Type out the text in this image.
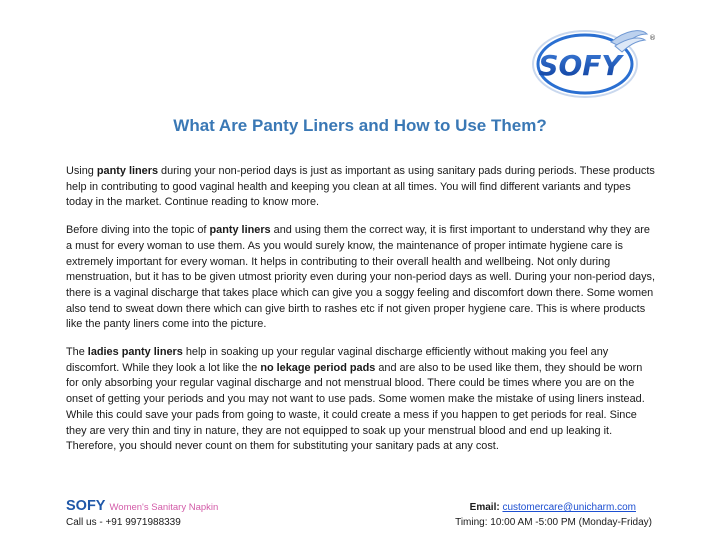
SOFY
®
What Are Panty Liners and How to Use Them?

Using panty liners during your non-period days is just as important as using sanitary pads during periods. These products help in contributing to good vaginal health and keeping you clean at all times. You will find different variants and types today in the market. Continue reading to know more.

Before diving into the topic of panty liners and using them the correct way, it is first important to understand why they are a must for every woman to use them. As you would surely know, the maintenance of proper intimate hygiene care is extremely important for every woman. It helps in contributing to their overall health and wellbeing. Not only during menstruation, but it has to be given utmost priority even during your non-period days as well. During your non-period days, there is a vaginal discharge that takes place which can give you a soggy feeling and discomfort down there. Some women also tend to sweat down there which can give birth to rashes etc if not given proper hygiene care. This is where products like the panty liners come into the picture.

The ladies panty liners help in soaking up your regular vaginal discharge efficiently without making you feel any discomfort. While they look a lot like the no lekage period pads and are also to be used like them, they should be worn for only absorbing your regular vaginal discharge and not menstrual blood. There could be times where you are on the onset of getting your periods and you may not want to use pads. Some women make the mistake of using liners instead. While this could save your pads from going to waste, it could create a mess if you happen to get periods for real. Since they are very thin and tiny in nature, they are not equipped to soak up your menstrual blood and end up leaking it. Therefore, you should never count on them for substituting your sanitary pads at any cost.

SOFY Women's Sanitary Napkin
Call us - +91 9971988339
Email: customercare@unicharm.com
Timing: 10:00 AM -5:00 PM (Monday-Friday)
